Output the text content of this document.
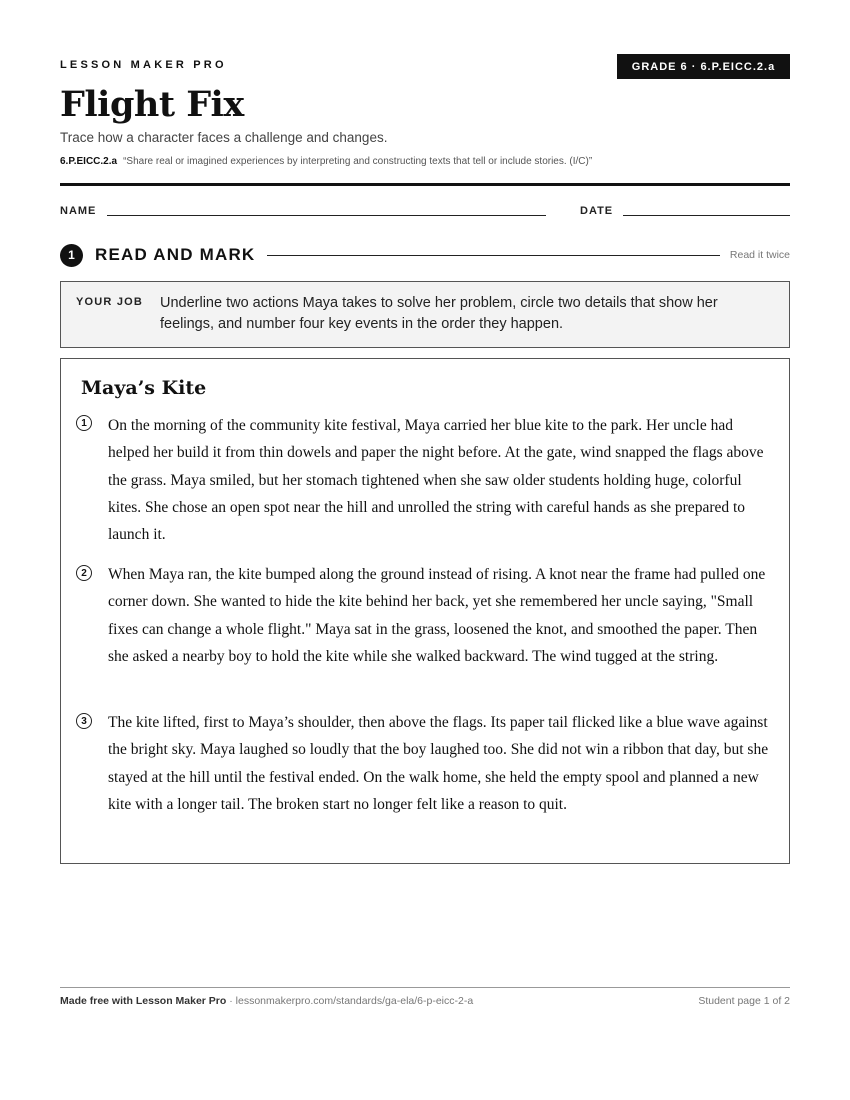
LESSON MAKER PRO	GRADE 6 · 6.P.EICC.2.a
Flight Fix
Trace how a character faces a challenge and changes.
6.P.EICC.2.a “Share real or imagined experiences by interpreting and constructing texts that tell or include stories. (I/C)”
NAME	DATE
1	READ AND MARK	Read it twice
YOUR JOB Underline two actions Maya takes to solve her problem, circle two details that show her feelings, and number four key events in the order they happen.
Maya’s Kite
1	On the morning of the community kite festival, Maya carried her blue kite to the park. Her uncle had helped her build it from thin dowels and paper the night before. At the gate, wind snapped the flags above the grass. Maya smiled, but her stomach tightened when she saw older students holding huge, colorful kites. She chose an open spot near the hill and unrolled the string with careful hands as she prepared to launch it.

2	When Maya ran, the kite bumped along the ground instead of rising. A knot near the frame had pulled one corner down. She wanted to hide the kite behind her back, yet she remembered her uncle saying, "Small fixes can change a whole flight." Maya sat in the grass, loosened the knot, and smoothed the paper. Then she asked a nearby boy to hold the kite while she walked backward. The wind tugged at the string.

3	The kite lifted, first to Maya’s shoulder, then above the flags. Its paper tail flicked like a blue wave against the bright sky. Maya laughed so loudly that the boy laughed too. She did not win a ribbon that day, but she stayed at the hill until the festival ended. On the walk home, she held the empty spool and planned a new kite with a longer tail. The broken start no longer felt like a reason to quit.

Made free with Lesson Maker Pro · lessonmakerpro.com/standards/ga-ela/6-p-eicc-2-a	Student page 1 of 2
